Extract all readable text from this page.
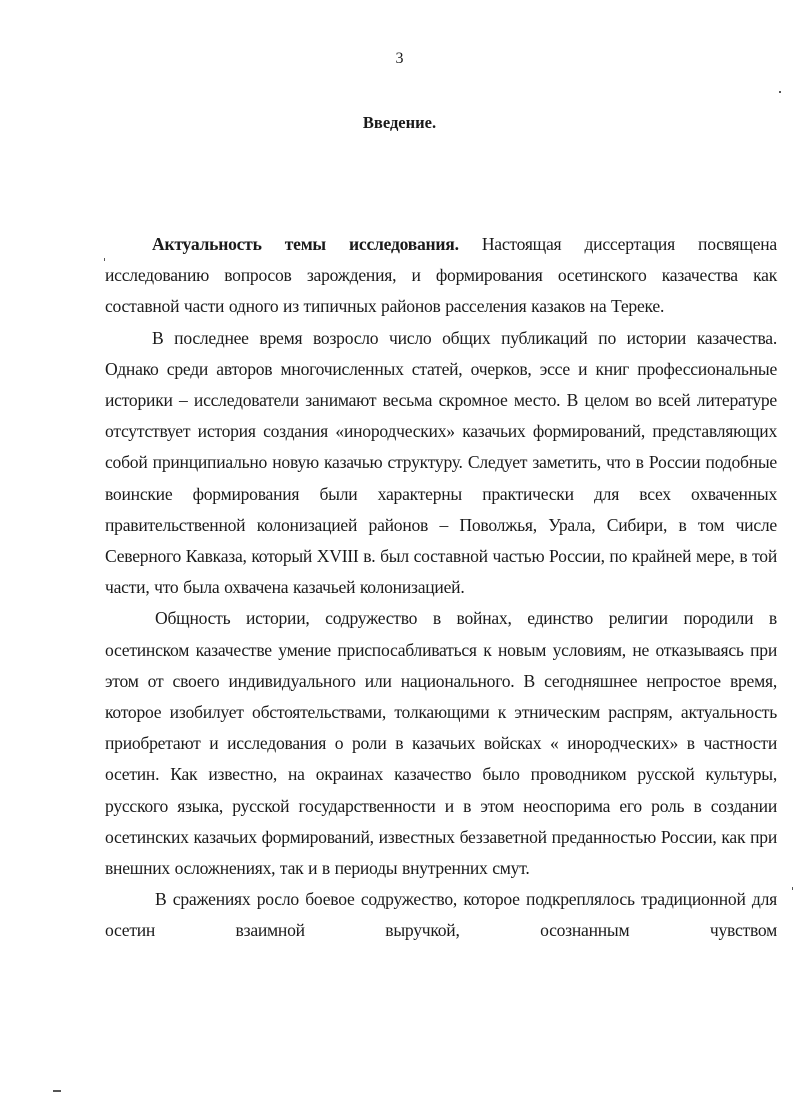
3
Введение.

Актуальность темы исследования. Настоящая диссертация посвящена исследованию вопросов зарождения, и формирования осетинского казачества как составной части одного из типичных районов расселения казаков на Тереке.

В последнее время возросло число общих публикаций по истории казачества. Однако среди авторов многочисленных статей, очерков, эссе и книг профессиональные историки – исследователи занимают весьма скромное место. В целом во всей литературе отсутствует история создания «инородческих» казачьих формирований, представляющих собой принципиально новую казачью структуру. Следует заметить, что в России подобные воинские формирования были характерны практически для всех охваченных правительственной колонизацией районов – Поволжья, Урала, Сибири, в том числе Северного Кавказа, который XVIII в. был составной частью России, по крайней мере, в той части, что была охвачена казачьей колонизацией.

Общность истории, содружество в войнах, единство религии породили в осетинском казачестве умение приспосабливаться к новым условиям, не отказываясь при этом от своего индивидуального или национального. В сегодняшнее непростое время, которое изобилует обстоятельствами, толкающими к этническим распрям, актуальность приобретают и исследования о роли в казачьих войсках « инородческих» в частности осетин. Как известно, на окраинах казачество было проводником русской культуры, русского языка, русской государственности и в этом неоспорима его роль в создании осетинских казачьих формирований, известных беззаветной преданностью России, как при внешних осложнениях, так и в периоды внутренних смут.

В сражениях росло боевое содружество, которое подкреплялось традиционной для осетин взаимной выручкой, осознанным чувством
